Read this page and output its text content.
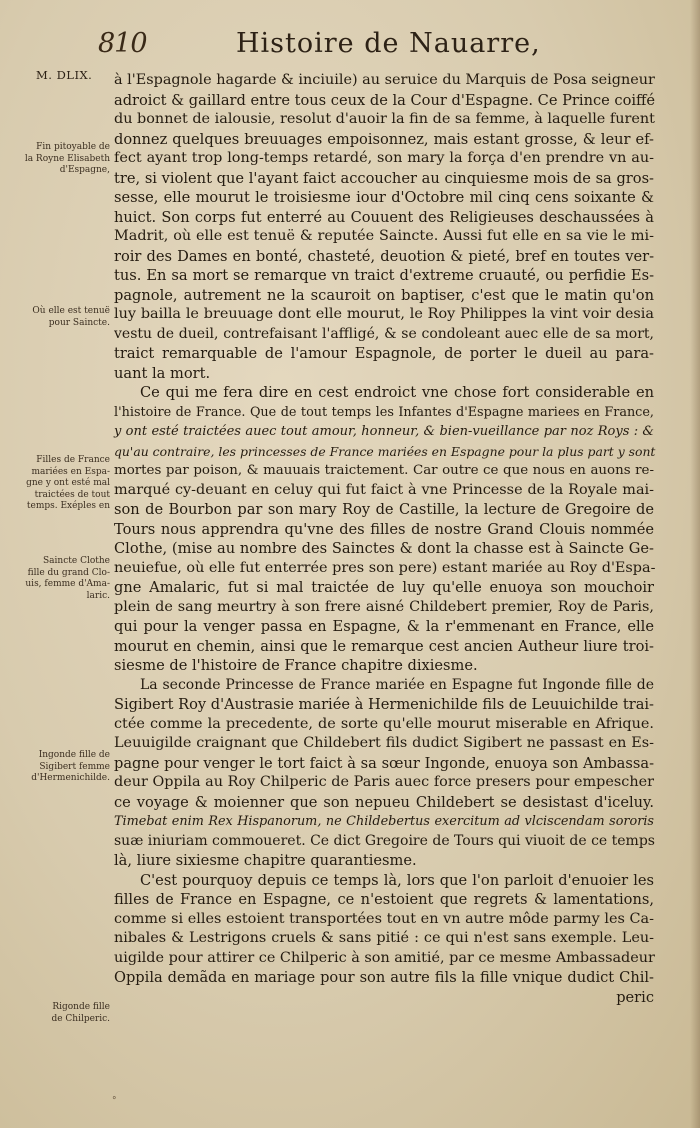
810	Histoire de Nauarre,
M. DLIX.
Fin pitoyable de
la Royne Elisabeth
d'Espagne,
Où elle est tenuë
pour Saincte.
Filles de France
mariées en Espa-
gne y ont esté mal
traictées de tout
temps. Exéples en
Saincte Clothe
fille du grand Clo-
uis, femme d'Ama-
laric.
Ingonde fille de
Sigibert femme
d'Hermenichilde.
Rigonde fille
de Chilperic.
à l'Espagnole hagarde & inciuile) au seruice du Marquis de Posa seigneur
adroict & gaillard entre tous ceux de la Cour d'Espagne. Ce Prince coiffé
du bonnet de ialousie, resolut d'auoir la fin de sa femme, à laquelle furent
donnez quelques breuuages empoisonnez, mais estant grosse, & leur ef-
fect ayant trop long-temps retardé, son mary la força d'en prendre vn au-
tre, si violent que l'ayant faict accoucher au cinquiesme mois de sa gros-
sesse, elle mourut le troisiesme iour d'Octobre mil cinq cens soixante &
huict. Son corps fut enterré au Couuent des Religieuses deschaussées à
Madrit, où elle est tenuë & reputée Saincte. Aussi fut elle en sa vie le mi-
roir des Dames en bonté, chasteté, deuotion & pieté, bref en toutes ver-
tus. En sa mort se remarque vn traict d'extreme cruauté, ou perfidie Es-
pagnole, autrement ne la scauroit on baptiser, c'est que le matin qu'on
luy bailla le breuuage dont elle mourut, le Roy Philippes la vint voir desia
vestu de dueil, contrefaisant l'affligé, & se condoleant auec elle de sa mort,
traict remarquable de l'amour Espagnole, de porter le dueil au para-
uant la mort.
Ce qui me fera dire en cest endroict vne chose fort considerable en
l'histoire de France. Que de tout temps les Infantes d'Espagne mariees en France,
y ont esté traictées auec tout amour, honneur, & bien-vueillance par noz Roys : &
qu'au contraire, les princesses de France mariées en Espagne pour la plus part y sont
mortes par poison, & mauuais traictement. Car outre ce que nous en auons re-
marqué cy-deuant en celuy qui fut faict à vne Princesse de la Royale mai-
son de Bourbon par son mary Roy de Castille, la lecture de Gregoire de
Tours nous apprendra qu'vne des filles de nostre Grand Clouis nommée
Clothe, (mise au nombre des Sainctes & dont la chasse est à Saincte Ge-
neuiefue, où elle fut enterrée pres son pere) estant mariée au Roy d'Espa-
gne Amalaric, fut si mal traictée de luy qu'elle enuoya son mouchoir
plein de sang meurtry à son frere aisné Childebert premier, Roy de Paris,
qui pour la venger passa en Espagne, & la r'emmenant en France, elle
mourut en chemin, ainsi que le remarque cest ancien Autheur liure troi-
siesme de l'histoire de France chapitre dixiesme.
La seconde Princesse de France mariée en Espagne fut Ingonde fille de
Sigibert Roy d'Austrasie mariée à Hermenichilde fils de Leuuichilde trai-
ctée comme la precedente, de sorte qu'elle mourut miserable en Afrique.
Leuuigilde craignant que Childebert fils dudict Sigibert ne passast en Es-
pagne pour venger le tort faict à sa sœur Ingonde, enuoya son Ambassa-
deur Oppila au Roy Chilperic de Paris auec force presers pour empescher
ce voyage & moienner que son nepueu Childebert se desistast d'iceluy.
Timebat enim Rex Hispanorum, ne Childebertus exercitum ad vlciscendam sororis
suæ iniuriam commoueret. Ce dict Gregoire de Tours qui viuoit de ce temps
là, liure sixiesme chapitre quarantiesme.
C'est pourquoy depuis ce temps là, lors que l'on parloit d'enuoier les
filles de France en Espagne, ce n'estoient que regrets & lamentations,
comme si elles estoient transportées tout en vn autre môde parmy les Ca-
nibales & Lestrigons cruels & sans pitié : ce qui n'est sans exemple. Leu-
uigilde pour attirer ce Chilperic à son amitié, par ce mesme Ambassadeur
Oppila demãda en mariage pour son autre fils la fille vnique dudict Chil-
peric
°
